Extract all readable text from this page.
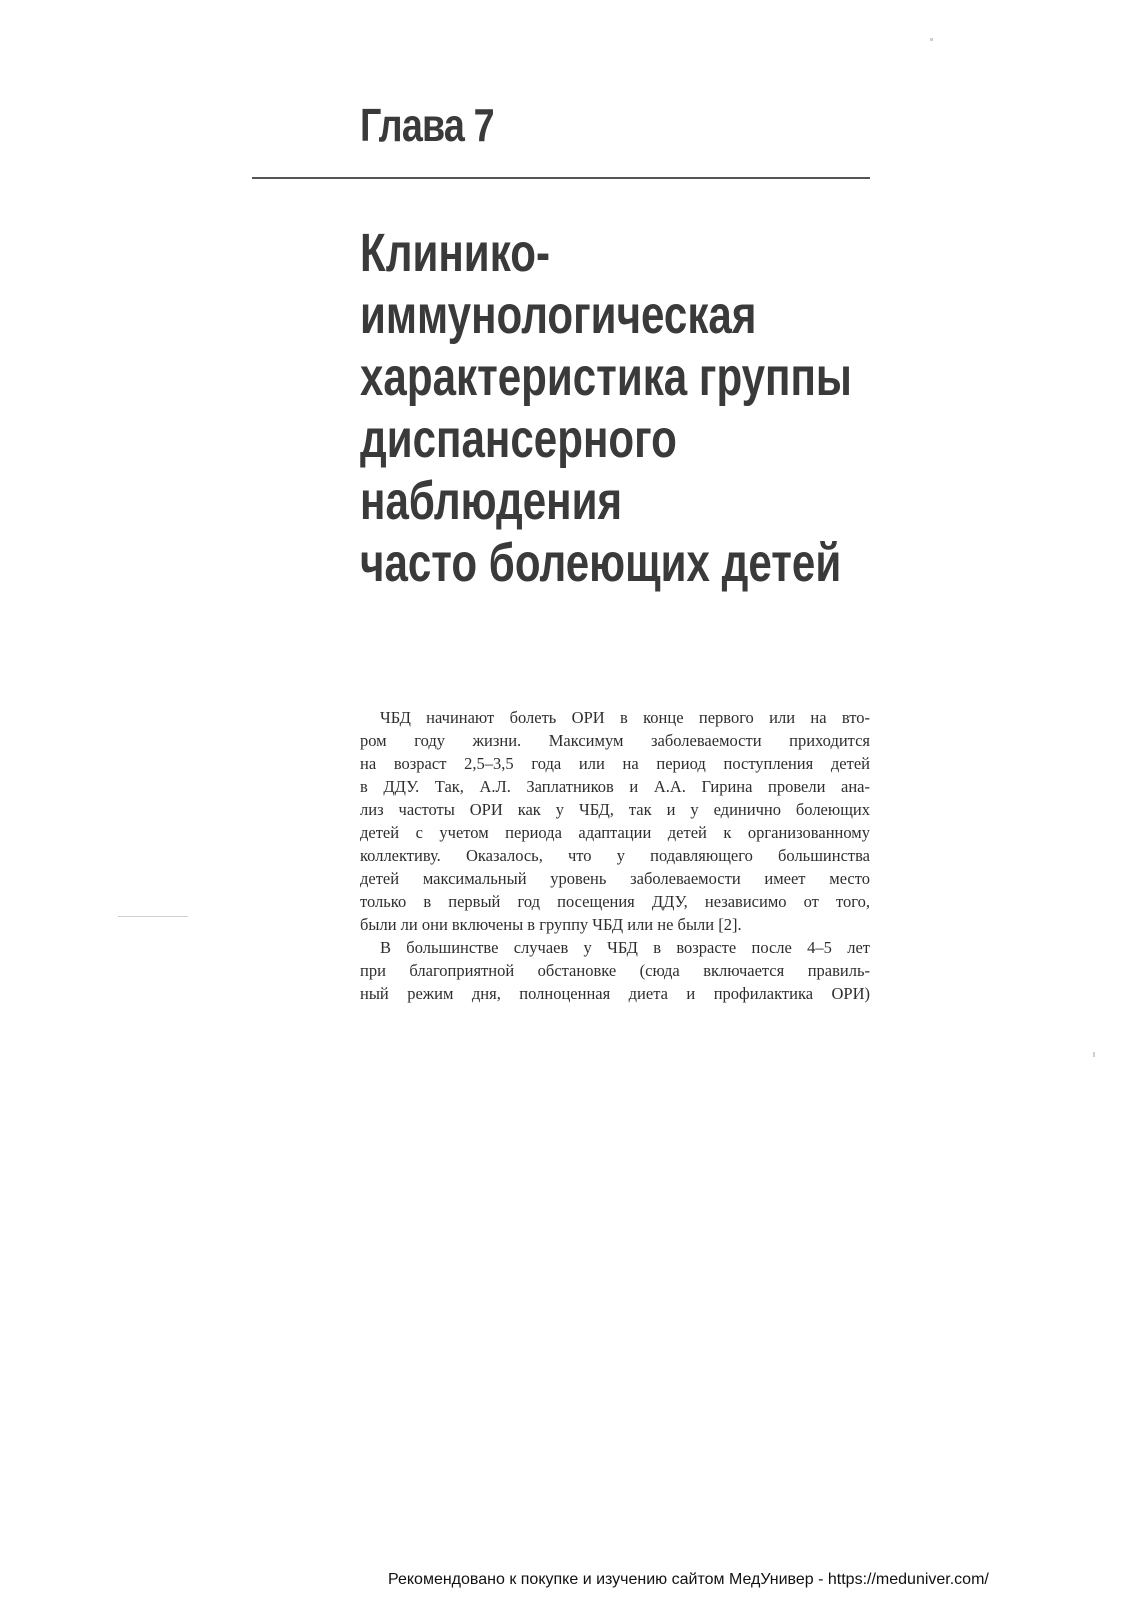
Глава 7
Клинико-
иммунологическая
характеристика группы
диспансерного
наблюдения
часто болеющих детей
ЧБД начинают болеть ОРИ в конце первого или на вто-
ром году жизни. Максимум заболеваемости приходится
на возраст 2,5–3,5 года или на период поступления детей
в ДДУ. Так, А.Л. Заплатников и А.А. Гирина провели ана-
лиз частоты ОРИ как у ЧБД, так и у единично болеющих
детей с учетом периода адаптации детей к организованному
коллективу. Оказалось, что у подавляющего большинства
детей максимальный уровень заболеваемости имеет место
только в первый год посещения ДДУ, независимо от того,
были ли они включены в группу ЧБД или не были [2].
В большинстве случаев у ЧБД в возрасте после 4–5 лет
при благоприятной обстановке (сюда включается правиль-
ный режим дня, полноценная диета и профилактика ОРИ)
Рекомендовано к покупке и изучению сайтом МедУнивер - https://meduniver.com/
